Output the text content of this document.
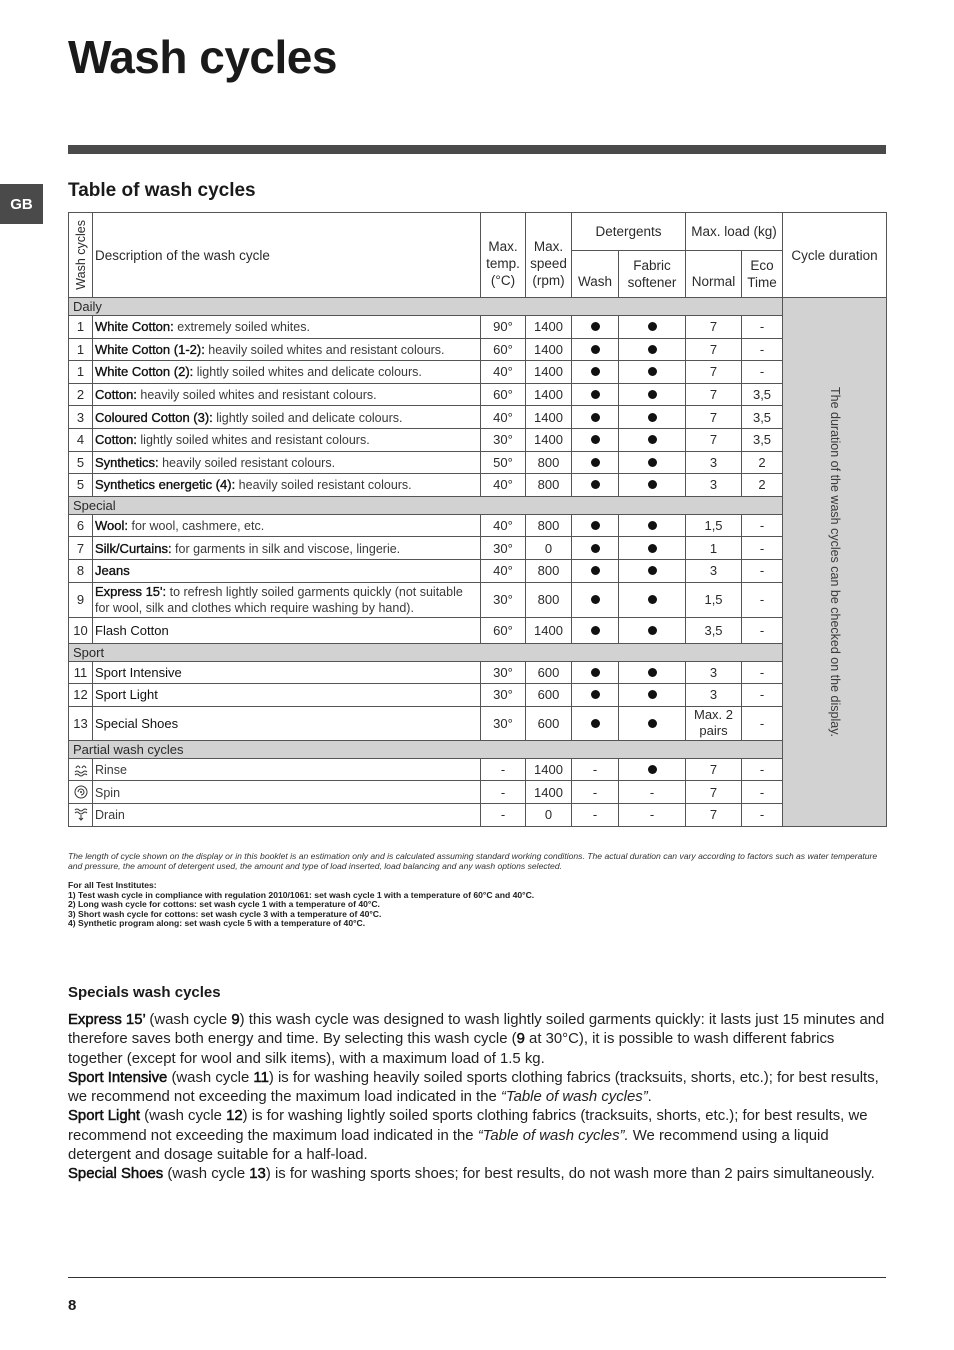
Wash cycles
GB
Table of wash cycles
Wash cycles	Description of the wash cycle	Max. temp. (°C)	Max. speed (rpm)	Detergents		Max. load (kg)		Cycle duration
				Wash	Fabric softener	Normal	Eco Time	
Daily								The duration of the wash cycles can be checked on the display.

1	White Cotton: extremely soiled whites.	90°	1400			7	-	
1	White Cotton (1-2): heavily soiled whites and resistant colours.	60°	1400			7	-	
1	White Cotton (2): lightly soiled whites and delicate colours.	40°	1400			7	-	
2	Cotton: heavily soiled whites and resistant colours.	60°	1400			7	3,5	
3	Coloured Cotton (3): lightly soiled and delicate colours.	40°	1400			7	3,5	
4	Cotton: lightly soiled whites and resistant colours.	30°	1400			7	3,5	
5	Synthetics: heavily soiled resistant colours.	50°	800			3	2	
5	Synthetics energetic (4): heavily soiled resistant colours.	40°	800			3	2	
Special								
6	Wool: for wool, cashmere, etc.	40°	800			1,5	-	
7	Silk/Curtains: for garments in silk and viscose, lingerie.	30°	0			1	-	
8	Jeans	40°	800			3	-	
9	Express 15': to refresh lightly soiled garments quickly (not suitable for wool, silk and clothes which require washing by hand).	30°	800			1,5	-	
10	Flash Cotton	60°	1400			3,5	-	
Sport								
11	Sport Intensive	30°	600			3	-	
12	Sport Light	30°	600			3	-	
13	Special Shoes	30°	600			Max. 2 pairs	-	
Partial wash cycles								

	Rinse	-	1400	-		7	-	

	Spin	-	1400	-	-	7	-	

	Drain	-	0	-	-	7	-	

The length of cycle shown on the display or in this booklet is an estimation only and is calculated assuming standard working conditions. The actual duration can vary according to factors such as water temperature and pressure, the amount of detergent used, the amount and type of load inserted, load balancing and any wash options selected.

For all Test Institutes:
1) Test wash cycle in compliance with regulation 2010/1061: set wash cycle 1 with a temperature of 60°C and 40°C.
2) Long wash cycle for cottons: set wash cycle 1 with a temperature of 40°C.
3) Short wash cycle for cottons: set wash cycle 3 with a temperature of 40°C.
4) Synthetic program along: set wash cycle 5 with a temperature of 40°C.
Specials wash cycles

Express 15’ (wash cycle 9) this wash cycle was designed to wash lightly soiled garments quickly: it lasts just 15 minutes and therefore saves both energy and time. By selecting this wash cycle (9 at 30°C), it is possible to wash different fabrics together (except for wool and silk items), with a maximum load of 1.5 kg.

Sport Intensive (wash cycle 11) is for washing heavily soiled sports clothing fabrics (tracksuits, shorts, etc.); for best results, we recommend not exceeding the maximum load indicated in the “Table of wash cycles”.

Sport Light (wash cycle 12) is for washing lightly soiled sports clothing fabrics (tracksuits, shorts, etc.); for best results, we recommend not exceeding the maximum load indicated in the “Table of wash cycles”. We recommend using a liquid detergent and dosage suitable for a half-load.

Special Shoes (wash cycle 13) is for washing sports shoes; for best results, do not wash more than 2 pairs simultaneously.

8
